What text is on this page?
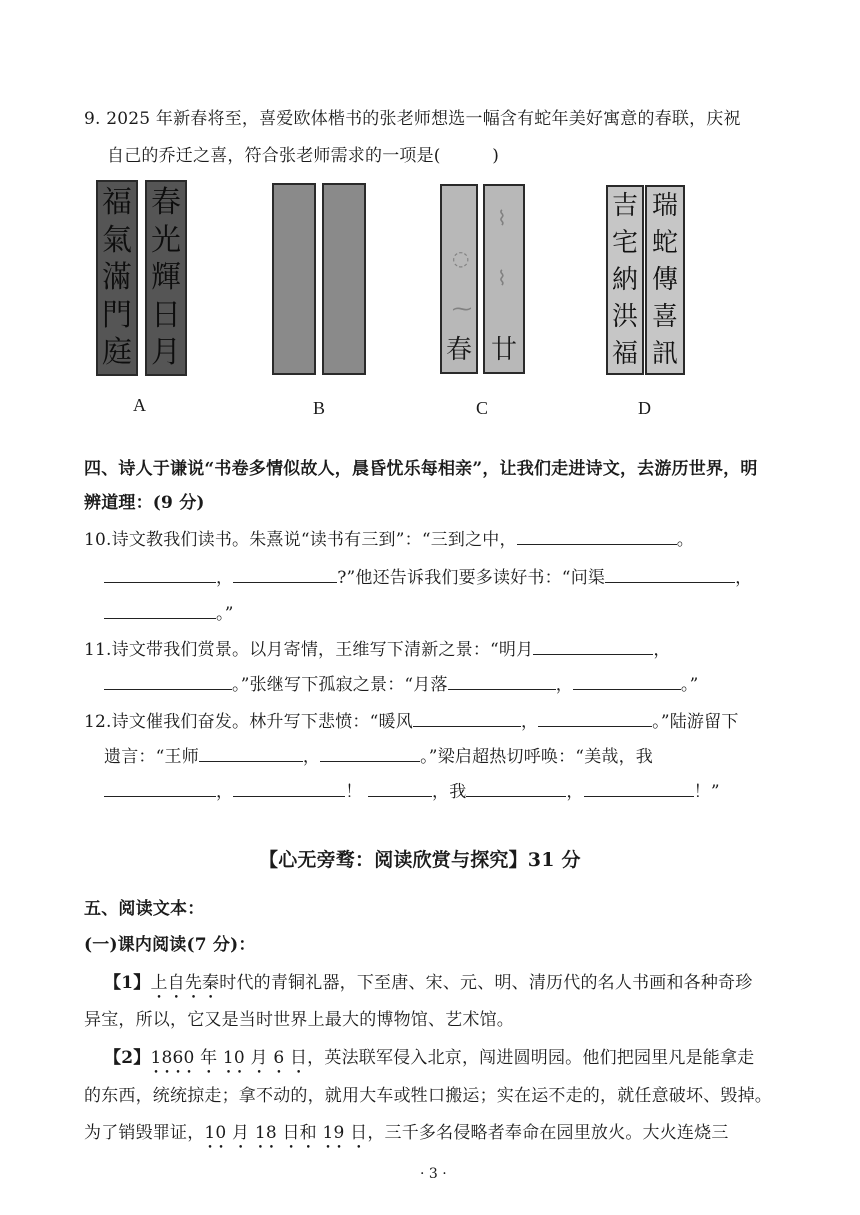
9. 2025 年新春将至，喜爱欧体楷书的张老师想选一幅含有蛇年美好寓意的春联，庆祝
自己的乔迁之喜，符合张老师需求的一项是(　　　)
福
氣
滿
門
庭
春
光
輝
日
月
A	B
◌
⁓
春
⌇
⌇
廿
C
吉
宅
納
洪
福
瑞
蛇
傳
喜
訊
D
四、诗人于谦说“书卷多情似故人，晨昏忧乐每相亲”，让我们走进诗文，去游历世界，明
辨道理：(9 分)
10.诗文教我们读书。朱熹说“读书有三到”：“三到之中，	。
，	?”他还告诉我们要多读好书：“问渠	，
。”
11.诗文带我们赏景。以月寄情，王维写下清新之景：“明月	，
。”张继写下孤寂之景：“月落	，	。”
12.诗文催我们奋发。林升写下悲愤：“暖风	，	。”陆游留下
遗言：“王师	，	。”梁启超热切呼唤：“美哉，我
，	！	，我	，	！”
【心无旁骛：阅读欣赏与探究】31 分
五、阅读文本：
(一)课内阅读(7 分)：
【1】上自先秦时代的青铜礼器，下至唐、宋、元、明、清历代的名人书画和各种奇珍
异宝，所以，它又是当时世界上最大的博物馆、艺术馆。
【2】1860 年 10 月 6 日，英法联军侵入北京，闯进圆明园。他们把园里凡是能拿走
的东西，统统掠走；拿不动的，就用大车或牲口搬运；实在运不走的，就任意破坏、毁掉。
为了销毁罪证，10 月 18 日和 19 日，三千多名侵略者奉命在园里放火。大火连烧三
· 3 ·
